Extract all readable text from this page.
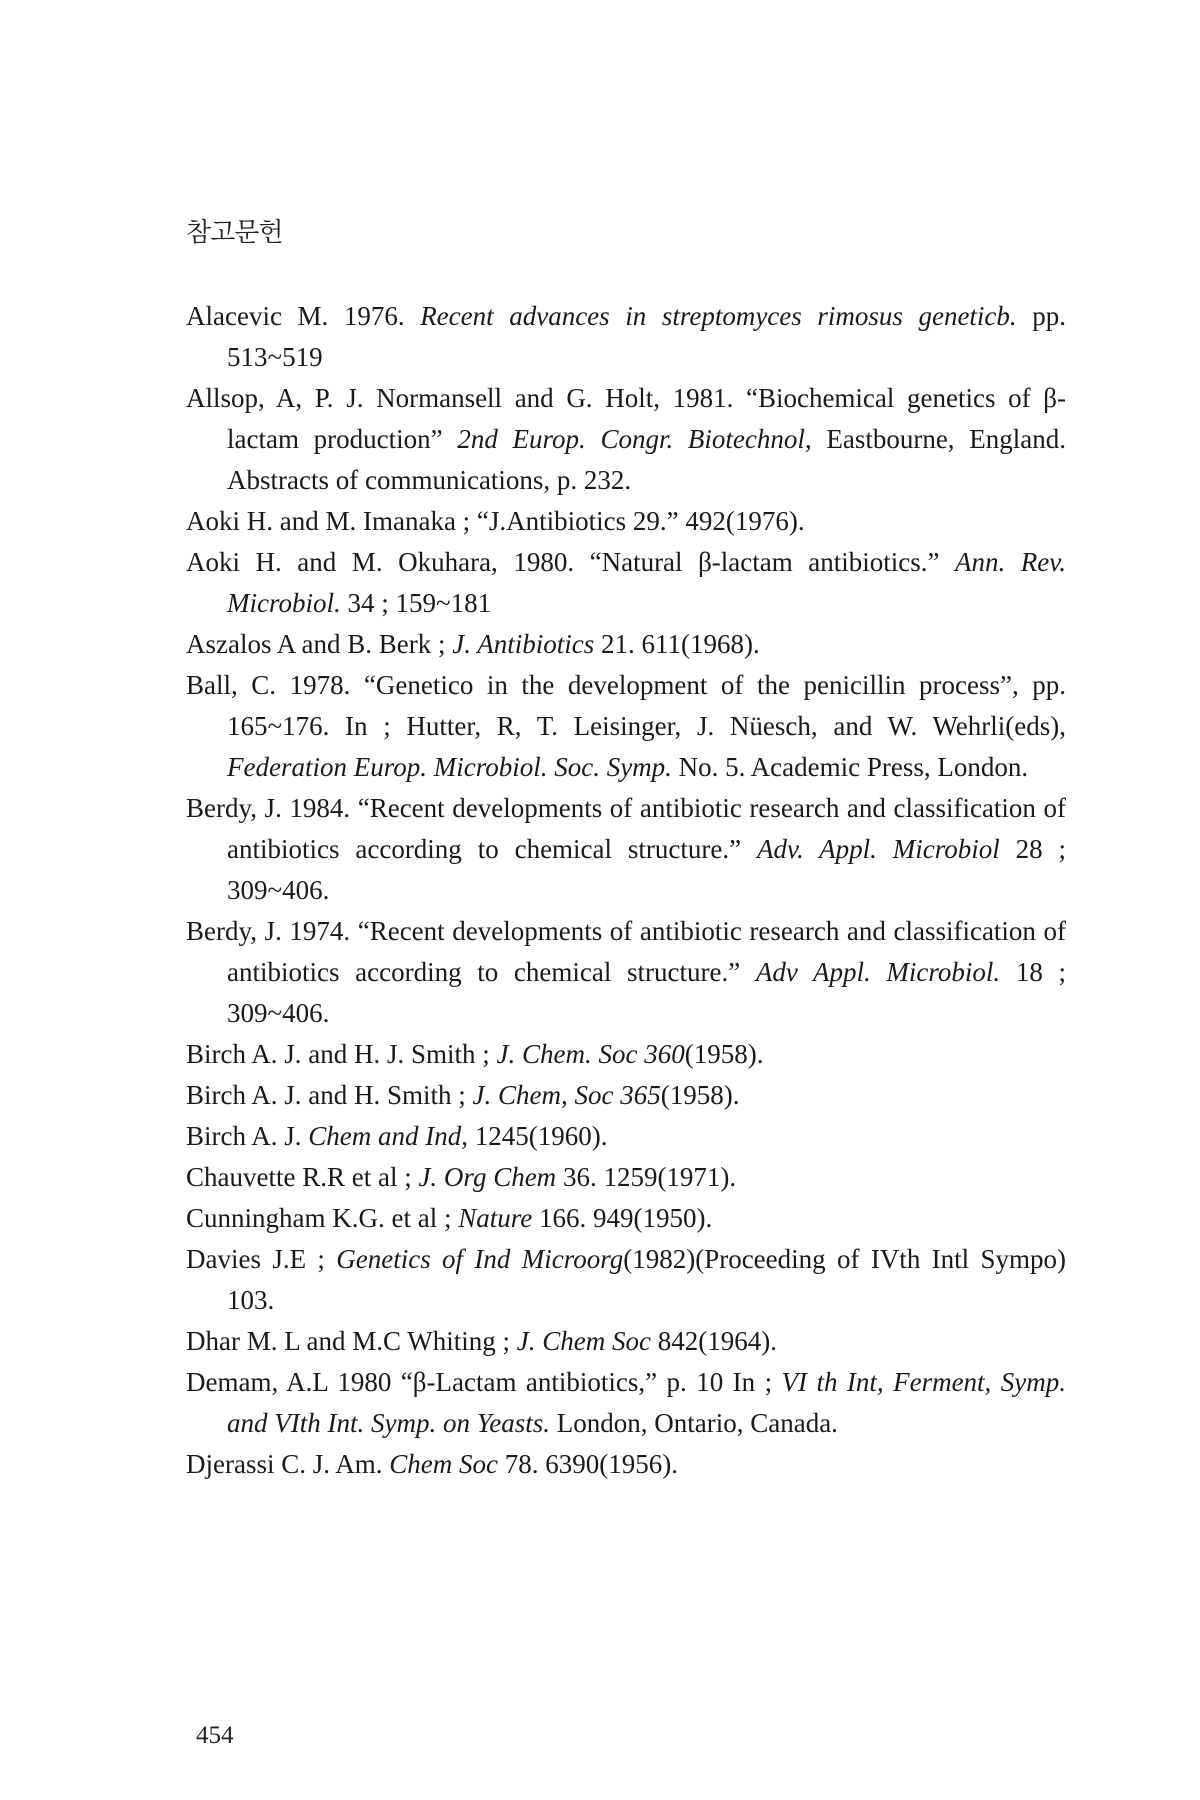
참고문헌
Alacevic M. 1976. Recent advances in streptomyces rimosus geneticb. pp. 513~519
Allsop, A, P. J. Normansell and G. Holt, 1981. “Biochemical genetics of β-lactam production” 2nd Europ. Congr. Biotechnol, Eastbourne, England. Abstracts of communications, p. 232.
Aoki H. and M. Imanaka ; “J.Antibiotics 29.” 492(1976).
Aoki H. and M. Okuhara, 1980. “Natural β-lactam antibiotics.” Ann. Rev. Microbiol. 34 ; 159~181
Aszalos A and B. Berk ; J. Antibiotics 21. 611(1968).
Ball, C. 1978. “Genetico in the development of the penicillin process”, pp. 165~176. In ; Hutter, R, T. Leisinger, J. Nüesch, and W. Wehrli(eds), Federation Europ. Microbiol. Soc. Symp. No. 5. Academic Press, London.
Berdy, J. 1984. “Recent developments of antibiotic research and classification of antibiotics according to chemical structure.” Adv. Appl. Microbiol 28 ; 309~406.
Berdy, J. 1974. “Recent developments of antibiotic research and classification of antibiotics according to chemical structure.” Adv Appl. Microbiol. 18 ; 309~406.
Birch A. J. and H. J. Smith ; J. Chem. Soc 360(1958).
Birch A. J. and H. Smith ; J. Chem, Soc 365(1958).
Birch A. J. Chem and Ind, 1245(1960).
Chauvette R.R et al ; J. Org Chem 36. 1259(1971).
Cunningham K.G. et al ; Nature 166. 949(1950).
Davies J.E ; Genetics of Ind Microorg(1982)(Proceeding of IVth Intl Sympo) 103.
Dhar M. L and M.C Whiting ; J. Chem Soc 842(1964).
Demam, A.L 1980 “β-Lactam antibiotics,” p. 10 In ; VI th Int, Ferment, Symp. and VIth Int. Symp. on Yeasts. London, Ontario, Canada.
Djerassi C. J. Am. Chem Soc 78. 6390(1956).
454
